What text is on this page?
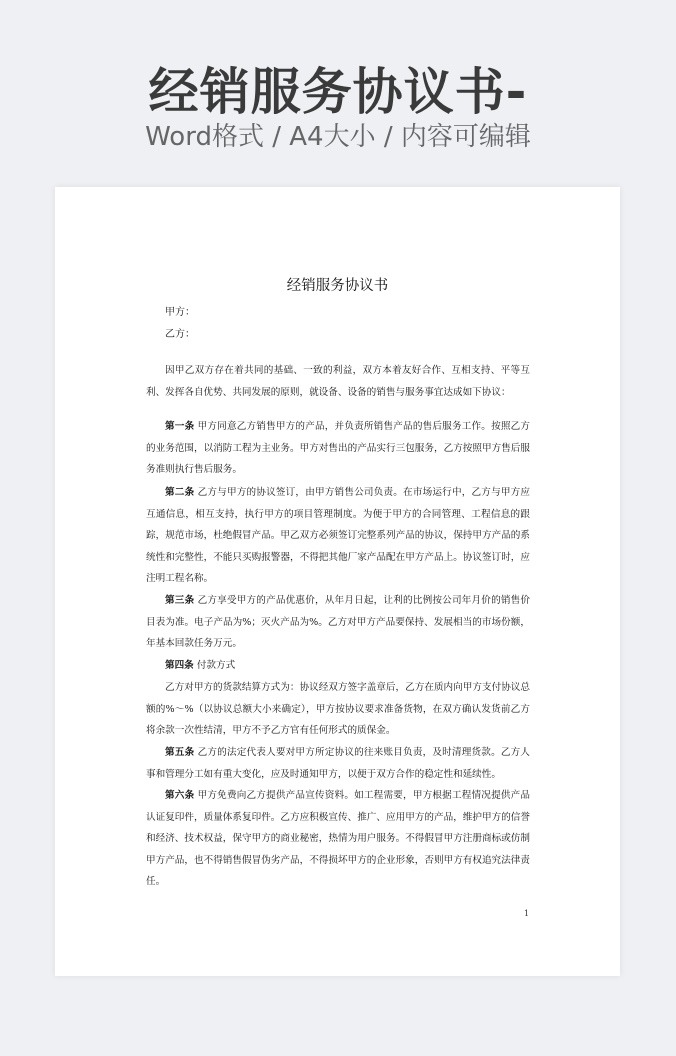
经销服务协议书-
Word格式 / A4大小 / 内容可编辑
经销服务协议书
甲方：
乙方：

因甲乙双方存在着共同的基础、一致的利益，双方本着友好合作、互相支持、平等互利、发挥各自优势、共同发展的原则，就设备、设备的销售与服务事宜达成如下协议：

第一条 甲方同意乙方销售甲方的产品，并负责所销售产品的售后服务工作。按照乙方的业务范围，以消防工程为主业务。甲方对售出的产品实行三包服务，乙方按照甲方售后服务准则执行售后服务。

第二条 乙方与甲方的协议签订，由甲方销售公司负责。在市场运行中，乙方与甲方应互通信息，相互支持，执行甲方的项目管理制度。为便于甲方的合同管理、工程信息的跟踪，规范市场，杜绝假冒产品。甲乙双方必须签订完整系列产品的协议，保持甲方产品的系统性和完整性，不能只买购报警器，不得把其他厂家产品配在甲方产品上。协议签订时，应注明工程名称。

第三条 乙方享受甲方的产品优惠价，从年月日起，让利的比例按公司年月价的销售价目表为准。电子产品为%；灭火产品为%。乙方对甲方产品要保持、发展相当的市场份额，年基本回款任务万元。

第四条 付款方式

乙方对甲方的货款结算方式为：协议经双方签字盖章后，乙方在质内向甲方支付协议总额的%～%（以协议总额大小来确定），甲方按协议要求准备货物，在双方确认发货前乙方将余款一次性结清，甲方不予乙方官有任何形式的质保金。

第五条 乙方的法定代表人要对甲方所定协议的往来账目负责，及时清理货款。乙方人事和管理分工如有重大变化，应及时通知甲方，以便于双方合作的稳定性和延续性。

第六条 甲方免费向乙方提供产品宣传资料。如工程需要，甲方根据工程情况提供产品认证复印件，质量体系复印件。乙方应积极宣传、推广、应用甲方的产品，维护甲方的信誉和经济、技术权益，保守甲方的商业秘密，热情为用户服务。不得假冒甲方注册商标或仿制甲方产品，也不得销售假冒伪劣产品，不得损坏甲方的企业形象，否则甲方有权追究法律责任。

1
